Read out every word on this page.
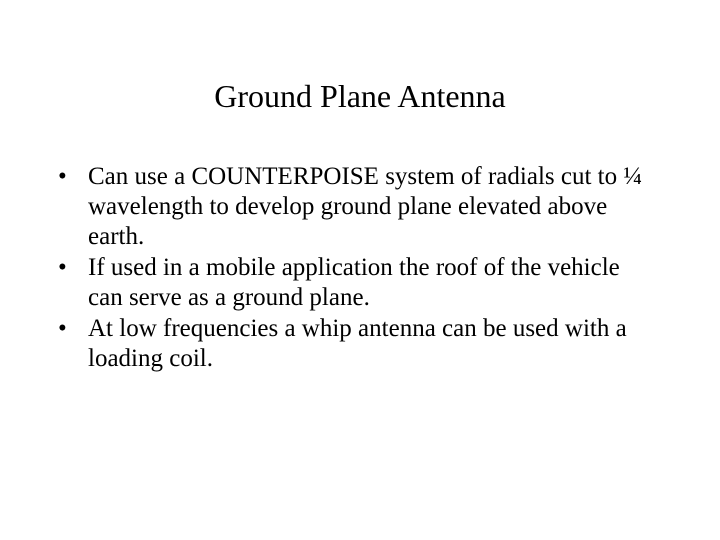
Ground Plane Antenna
• Can use a COUNTERPOISE system of radials cut to ¼ wavelength to develop ground plane elevated above earth.
• If used in a mobile application the roof of the vehicle can serve as a ground plane.
• At low frequencies a whip antenna can be used with a loading coil.
